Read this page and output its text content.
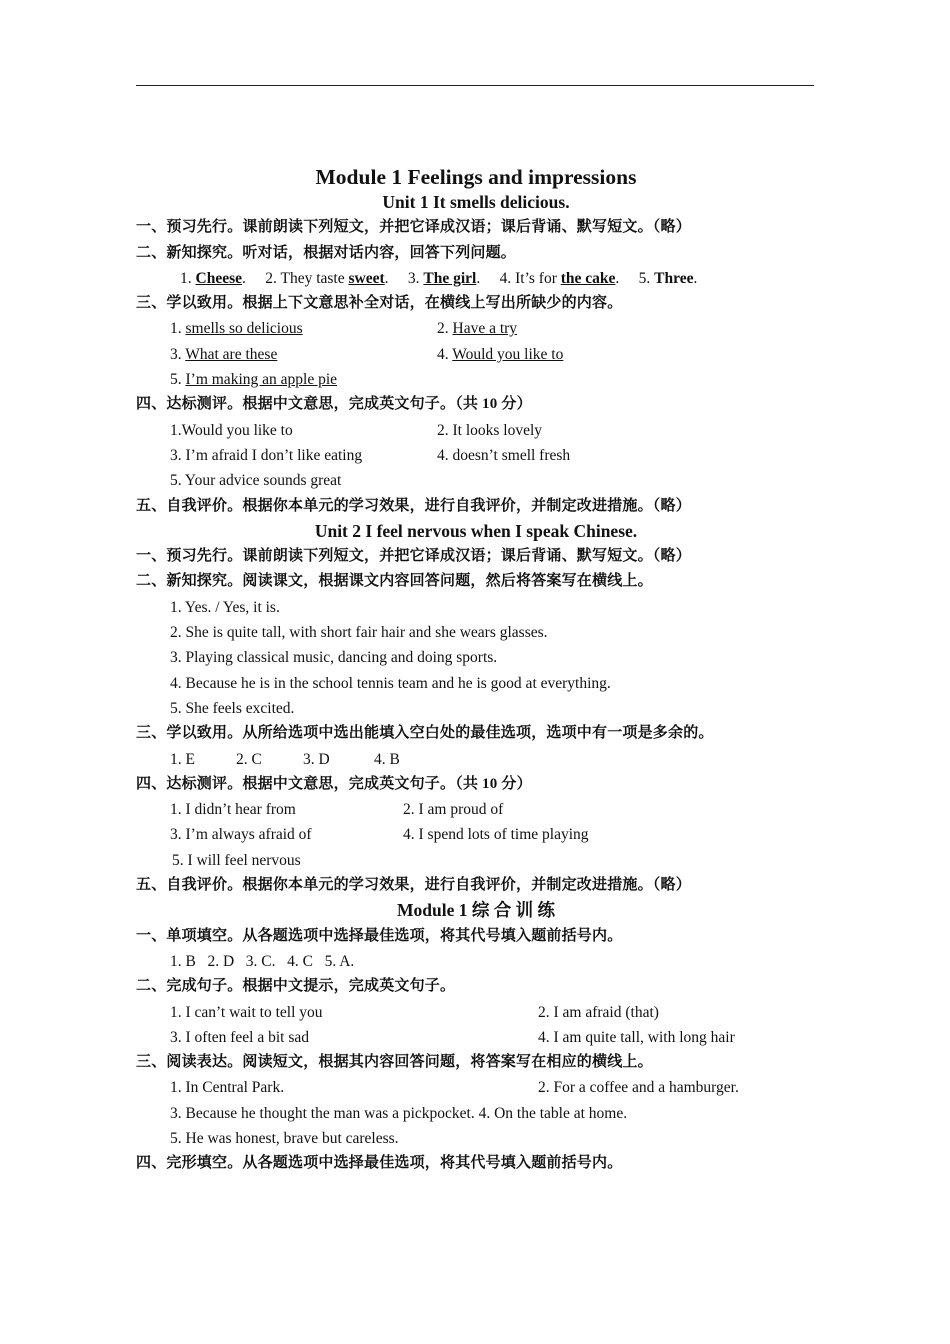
Module 1 Feelings and impressions
Unit 1 It smells delicious.
一、预习先行。课前朗读下列短文，并把它译成汉语；课后背诵、默写短文。（略）
二、新知探究。听对话，根据对话内容，回答下列问题。
1. Cheese. 2. They taste sweet. 3. The girl. 4. It’s for the cake. 5. Three.
三、学以致用。根据上下文意思补全对话，在横线上写出所缺少的内容。
1. smells so delicious	2. Have a try
3. What are these	4. Would you like to
5. I’m making an apple pie
四、达标测评。根据中文意思，完成英文句子。（共 10 分）
1.Would you like to	2. It looks lovely
3. I’m afraid I don’t like eating	4. doesn’t smell fresh
5. Your advice sounds great
五、自我评价。根据你本单元的学习效果，进行自我评价，并制定改进措施。（略）
Unit 2 I feel nervous when I speak Chinese.
一、预习先行。课前朗读下列短文，并把它译成汉语；课后背诵、默写短文。（略）
二、新知探究。阅读课文，根据课文内容回答问题，然后将答案写在横线上。
1. Yes. / Yes, it is.
2. She is quite tall, with short fair hair and she wears glasses.
3. Playing classical music, dancing and doing sports.
4. Because he is in the school tennis team and he is good at everything.
5. She feels excited.
三、学以致用。从所给选项中选出能填入空白处的最佳选项，选项中有一项是多余的。
1. E	2. C	3. D	4. B
四、达标测评。根据中文意思，完成英文句子。（共 10 分）
1. I didn’t hear from	2. I am proud of
3. I’m always afraid of	4. I spend lots of time playing
5. I will feel nervous
五、自我评价。根据你本单元的学习效果，进行自我评价，并制定改进措施。（略）
Module 1 综 合 训 练
一、单项填空。从各题选项中选择最佳选项，将其代号填入题前括号内。
1. B   2. D   3. C.   4. C   5. A.
二、完成句子。根据中文提示，完成英文句子。
1. I can’t wait to tell you	2. I am afraid (that)
3. I often feel a bit sad	4. I am quite tall, with long hair
三、阅读表达。阅读短文，根据其内容回答问题，将答案写在相应的横线上。
1. In Central Park.	2. For a coffee and a hamburger.
3. Because he thought the man was a pickpocket. 4. On the table at home.
5. He was honest, brave but careless.
四、完形填空。从各题选项中选择最佳选项，将其代号填入题前括号内。
